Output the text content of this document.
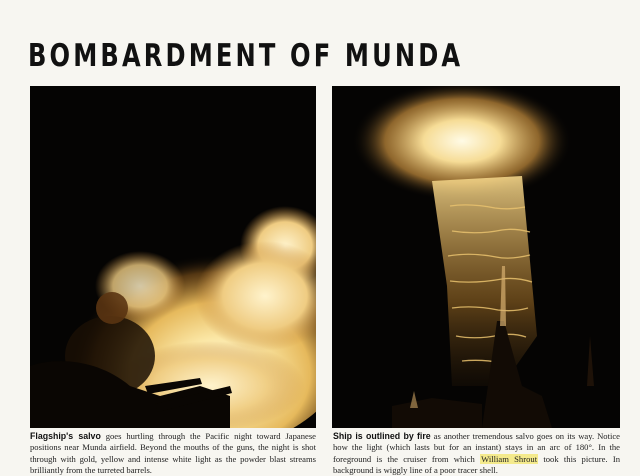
BOMBARDMENT OF MUNDA

Flagship's salvo goes hurtling through the Pacific night toward Japanese positions near Munda airfield. Beyond the mouths of the guns, the night is shot through with gold, yellow and intense white light as the powder blast streams brilliantly from the turreted barrels.

Ship is outlined by fire as another tremendous salvo goes on its way. Notice how the light (which lasts but for an instant) stays in an arc of 180°. In the foreground is the cruiser from which William Shrout took this picture. In background is wiggly line of a poor tracer shell.
